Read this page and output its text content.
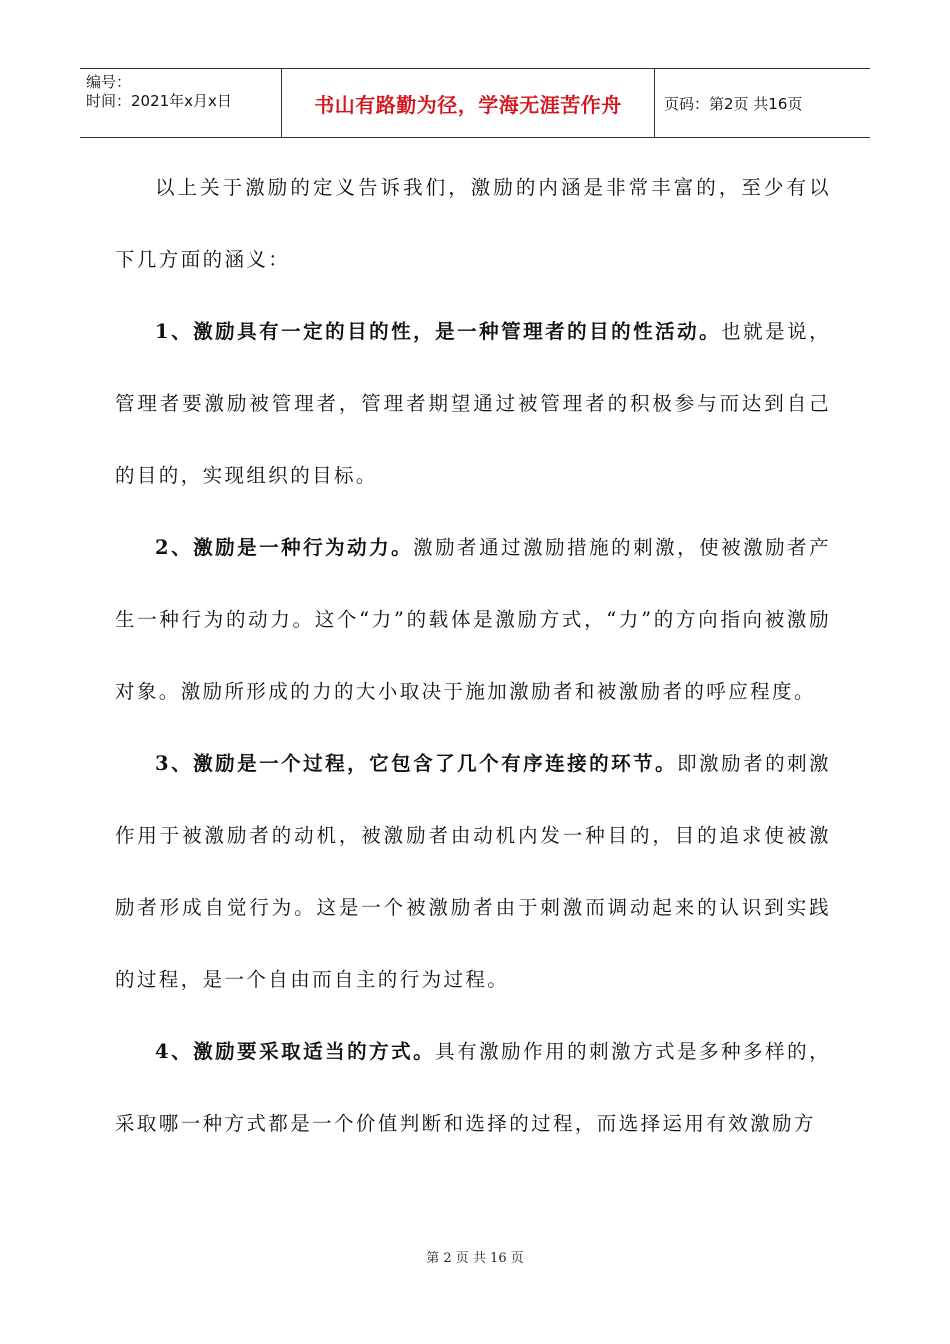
编号：
时间：2021年x月x日	书山有路勤为径，学海无涯苦作舟	页码：第2页 共16页

以上关于激励的定义告诉我们，激励的内涵是非常丰富的，至少有以下几方面的涵义：

1、激励具有一定的目的性，是一种管理者的目的性活动。也就是说，管理者要激励被管理者，管理者期望通过被管理者的积极参与而达到自己的目的，实现组织的目标。

2、激励是一种行为动力。激励者通过激励措施的刺激，使被激励者产生一种行为的动力。这个“力”的载体是激励方式，“力”的方向指向被激励对象。激励所形成的力的大小取决于施加激励者和被激励者的呼应程度。

3、激励是一个过程，它包含了几个有序连接的环节。即激励者的刺激作用于被激励者的动机，被激励者由动机内发一种目的，目的追求使被激励者形成自觉行为。这是一个被激励者由于刺激而调动起来的认识到实践的过程，是一个自由而自主的行为过程。

4、激励要采取适当的方式。具有激励作用的刺激方式是多种多样的，采取哪一种方式都是一个价值判断和选择的过程，而选择运用有效激励方

第 2 页 共 16 页
